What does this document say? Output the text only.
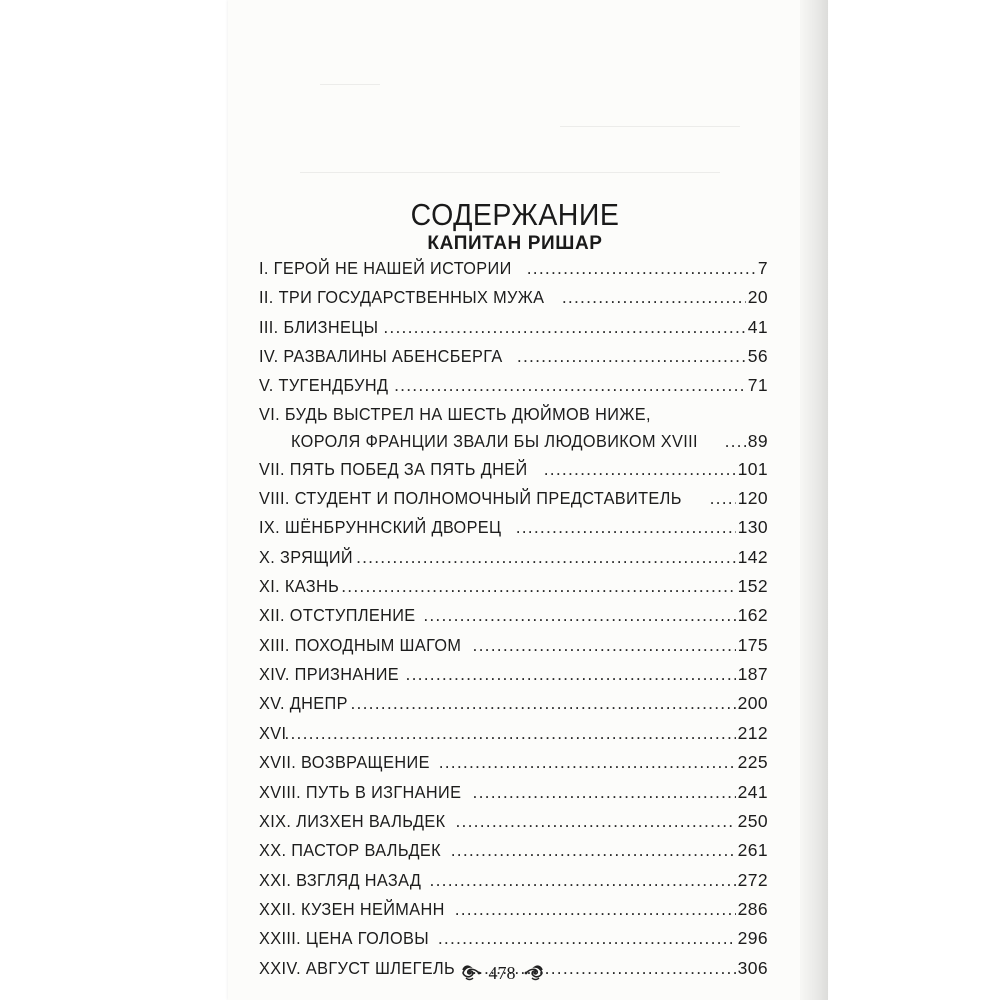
СОДЕРЖАНИЕ
КАПИТАН РИШАР
I. ГЕРОЙ НЕ НАШЕЙ ИСТОРИИ .....	7
II. ТРИ ГОСУДАРСТВЕННЫХ МУЖА .....	20
III. БЛИЗНЕЦЫ .....	41
IV. РАЗВАЛИНЫ АБЕНСБЕРГА .....	56
V. ТУГЕНДБУНД .....	71
VI. БУДЬ ВЫСТРЕЛ НА ШЕСТЬ ДЮЙМОВ НИЖЕ,
КОРОЛЯ ФРАНЦИИ ЗВАЛИ БЫ ЛЮДОВИКОМ XVIII .....	89
VII. ПЯТЬ ПОБЕД ЗА ПЯТЬ ДНЕЙ .....	101
VIII. СТУДЕНТ И ПОЛНОМОЧНЫЙ ПРЕДСТАВИТЕЛЬ .....	120
IX. ШЁНБРУННСКИЙ ДВОРЕЦ .....	130
X. ЗРЯЩИЙ .....	142
XI. КАЗНЬ .....	152
XII. ОТСТУПЛЕНИЕ .....	162
XIII. ПОХОДНЫМ ШАГОМ .....	175
XIV. ПРИЗНАНИЕ .....	187
XV. ДНЕПР .....	200
XVI .....	212
XVII. ВОЗВРАЩЕНИЕ .....	225
XVIII. ПУТЬ В ИЗГНАНИЕ .....	241
XIX. ЛИЗХЕН ВАЛЬДЕК .....	250
XX. ПАСТОР ВАЛЬДЕК .....	261
XXI. ВЗГЛЯД НАЗАД .....	272
XXII. КУЗЕН НЕЙМАНН .....	286
XXIII. ЦЕНА ГОЛОВЫ .....	296
XXIV. АВГУСТ ШЛЕГЕЛЬ .....	306
478
